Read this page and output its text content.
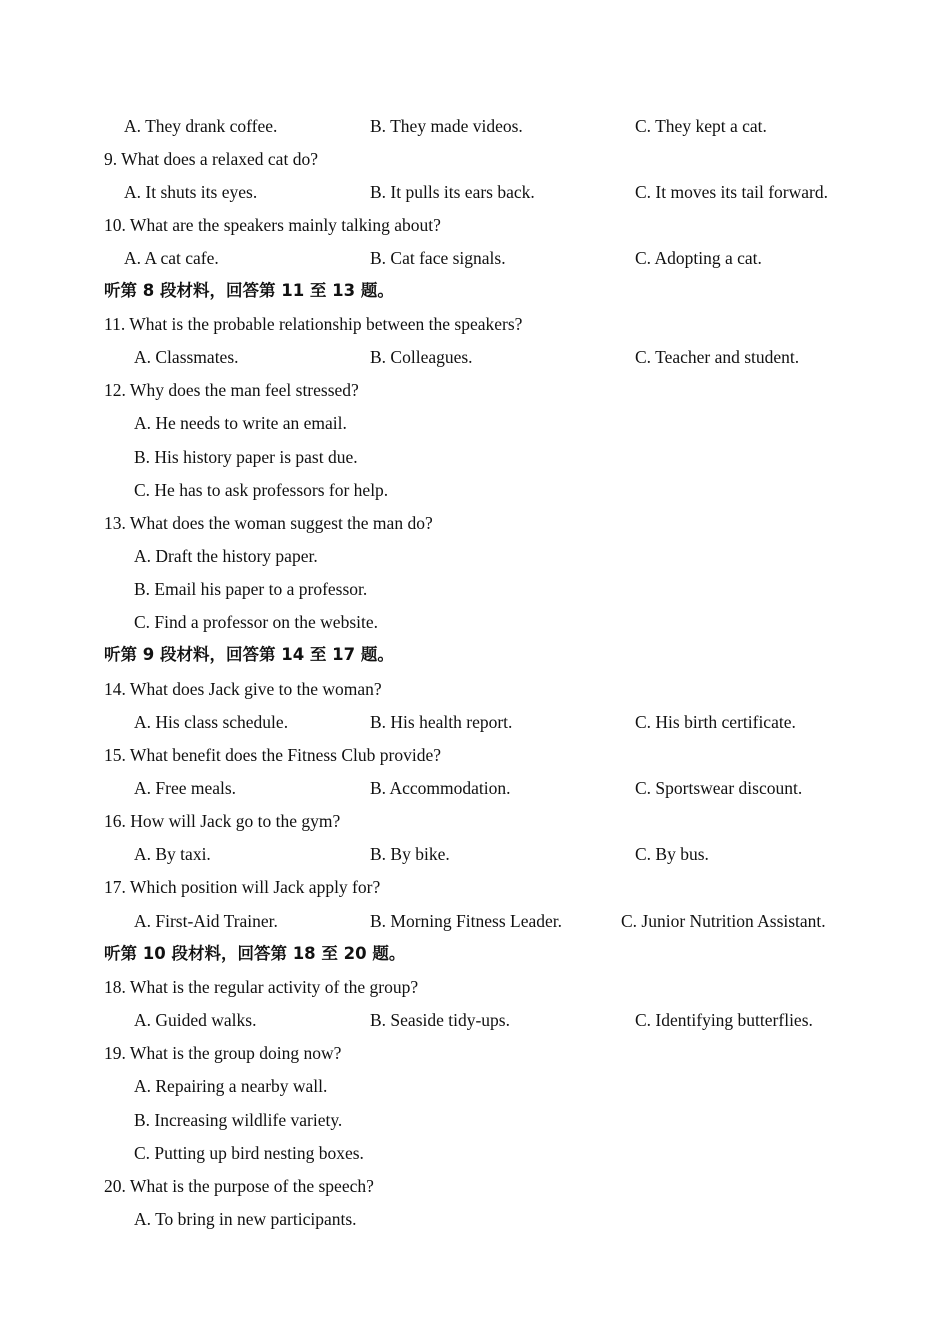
A. They drank coffee.	B. They made videos.	C. They kept a cat.
9. What does a relaxed cat do?
A. It shuts its eyes.	B. It pulls its ears back.	C. It moves its tail forward.
10. What are the speakers mainly talking about?
A. A cat cafe.	B. Cat face signals.	C. Adopting a cat.
听第 8 段材料，回答第 11 至 13 题。
11. What is the probable relationship between the speakers?
A. Classmates.	B. Colleagues.	C. Teacher and student.
12. Why does the man feel stressed?
A. He needs to write an email.
B. His history paper is past due.
C. He has to ask professors for help.
13. What does the woman suggest the man do?
A. Draft the history paper.
B. Email his paper to a professor.
C. Find a professor on the website.
听第 9 段材料，回答第 14 至 17 题。
14. What does Jack give to the woman?
A. His class schedule.	B. His health report.	C. His birth certificate.
15. What benefit does the Fitness Club provide?
A. Free meals.	B. Accommodation.	C. Sportswear discount.
16. How will Jack go to the gym?
A. By taxi.	B. By bike.	C. By bus.
17. Which position will Jack apply for?
A. First-Aid Trainer.	B. Morning Fitness Leader.	C. Junior Nutrition Assistant.
听第 10 段材料，回答第 18 至 20 题。
18. What is the regular activity of the group?
A. Guided walks.	B. Seaside tidy-ups.	C. Identifying butterflies.
19. What is the group doing now?
A. Repairing a nearby wall.
B. Increasing wildlife variety.
C. Putting up bird nesting boxes.
20. What is the purpose of the speech?
A. To bring in new participants.
